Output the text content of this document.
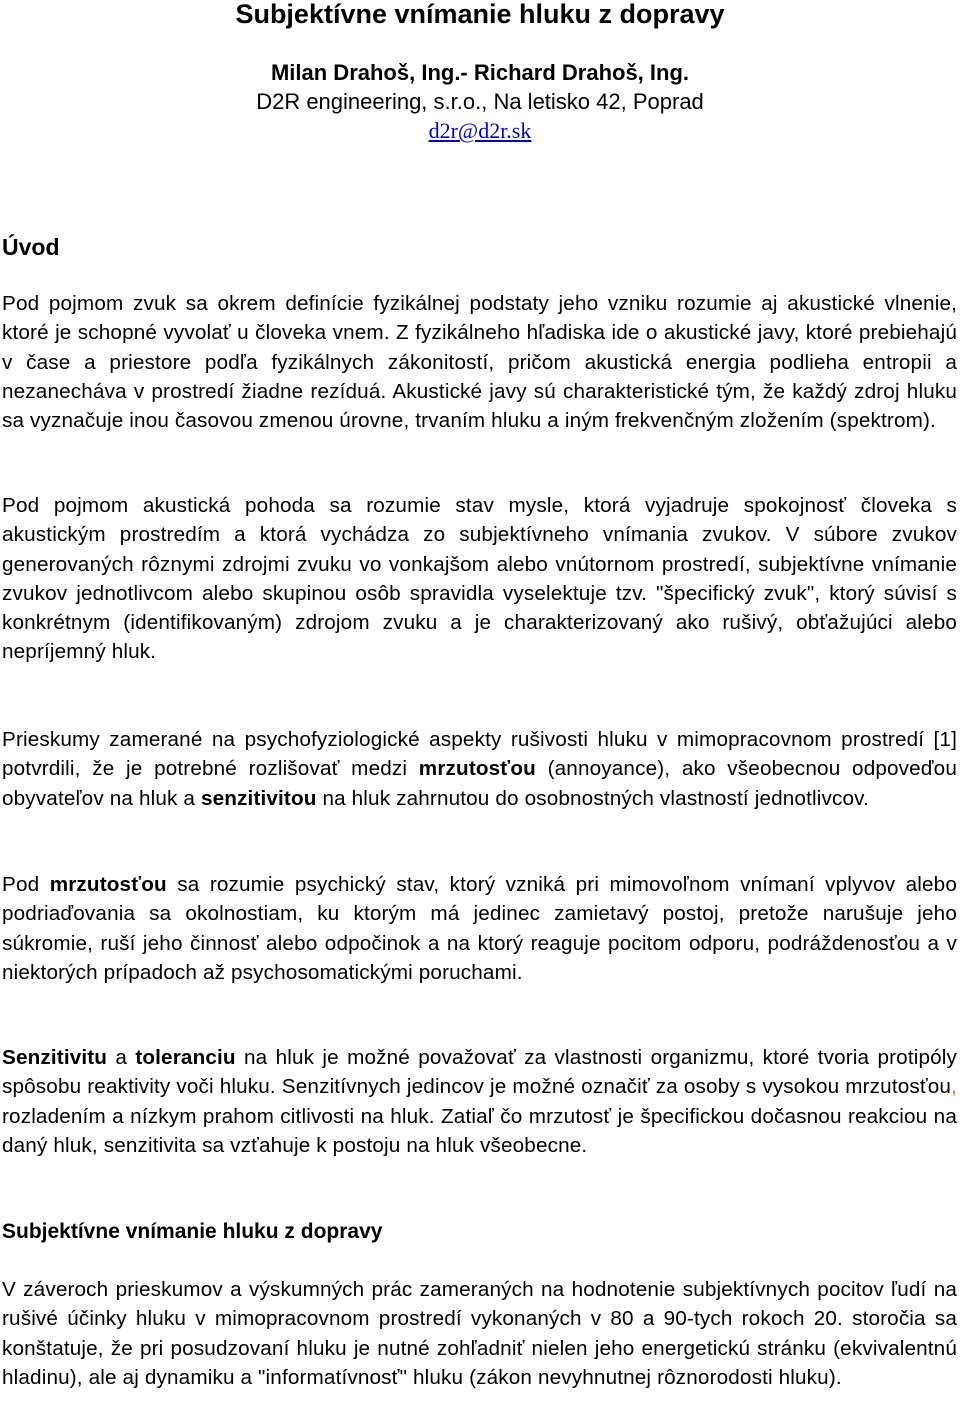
Subjektívne vnímanie hluku z dopravy
Milan Drahoš, Ing.- Richard Drahoš, Ing.
D2R engineering, s.r.o., Na letisko 42, Poprad
d2r@d2r.sk
Úvod

Pod pojmom zvuk sa okrem definície fyzikálnej podstaty jeho vzniku rozumie aj akustické vlnenie, ktoré je schopné vyvolať u človeka vnem. Z fyzikálneho hľadiska ide o akustické javy, ktoré prebiehajú v čase a priestore podľa fyzikálnych zákonitostí, pričom akustická energia podlieha entropii a nezanecháva v prostredí žiadne rezíduá. Akustické javy sú charakteristické tým, že každý zdroj hluku sa vyznačuje inou časovou zmenou úrovne, trvaním hluku a iným frekvenčným zložením (spektrom).

Pod pojmom akustická pohoda sa rozumie stav mysle, ktorá vyjadruje spokojnosť človeka s akustickým prostredím a ktorá vychádza zo subjektívneho vnímania zvukov. V súbore zvukov generovaných rôznymi zdrojmi zvuku vo vonkajšom alebo vnútornom prostredí, subjektívne vnímanie zvukov jednotlivcom alebo skupinou osôb spravidla vyselektuje tzv. "špecifický zvuk", ktorý súvisí s konkrétnym (identifikovaným) zdrojom zvuku a je charakterizovaný ako rušivý, obťažujúci alebo nepríjemný hluk.

Prieskumy zamerané na psychofyziologické aspekty rušivosti hluku v mimopracovnom prostredí [1] potvrdili, že je potrebné rozlišovať medzi mrzutosťou (annoyance), ako všeobecnou odpoveďou obyvateľov na hluk a senzitivitou na hluk zahrnutou do osobnostných vlastností jednotlivcov.

Pod mrzutosťou sa rozumie psychický stav, ktorý vzniká pri mimovoľnom vnímaní vplyvov alebo podriaďovania sa okolnostiam, ku ktorým má jedinec zamietavý postoj, pretože narušuje jeho súkromie, ruší jeho činnosť alebo odpočinok a na ktorý reaguje pocitom odporu, podráždenosťou a v niektorých prípadoch až psychosomatickými poruchami.

Senzitivitu a toleranciu na hluk je možné považovať za vlastnosti organizmu, ktoré tvoria protipóly spôsobu reaktivity voči hluku. Senzitívnych jedincov je možné označiť za osoby s vysokou mrzutosťou, rozladením a nízkym prahom citlivosti na hluk. Zatiaľ čo mrzutosť je špecifickou dočasnou reakciou na daný hluk, senzitivita sa vzťahuje k postoju na hluk všeobecne.

Subjektívne vnímanie hluku z dopravy

V záveroch prieskumov a výskumných prác zameraných na hodnotenie subjektívnych pocitov ľudí na rušivé účinky hluku v mimopracovnom prostredí vykonaných v 80 a 90-tych rokoch 20. storočia sa konštatuje, že pri posudzovaní hluku je nutné zohľadniť nielen jeho energetickú stránku (ekvivalentnú hladinu), ale aj dynamiku a "informatívnosť" hluku (zákon nevyhnutnej rôznorodosti hluku).
